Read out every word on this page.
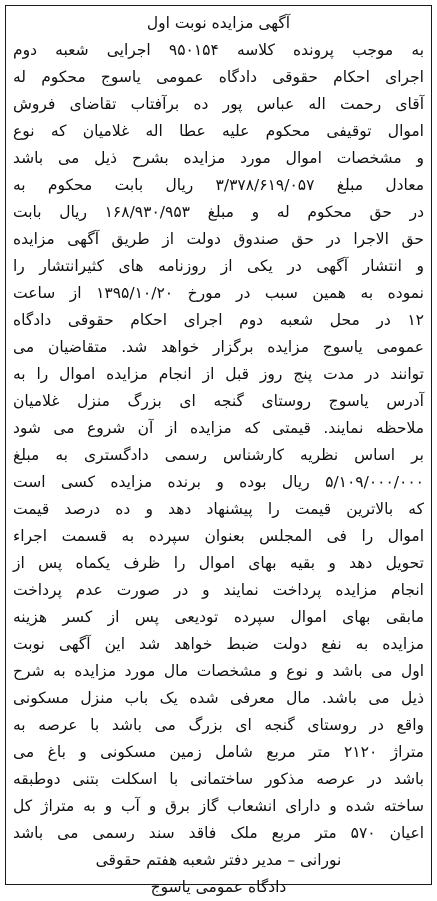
آگهی مزایده نوبت اول

به موجب پرونده کلاسه ۹۵۰۱۵۴ اجرایی شعبه دوم
اجرای احکام حقوقی دادگاه عمومی یاسوج محکوم له
آقای رحمت اله عباس پور ده برآفتاب تقاضای فروش
اموال توقیفی محکوم علیه عطا اله غلامیان که نوع
و مشخصات اموال مورد مزایده بشرح ذیل می باشد
معادل مبلغ ۳/۳۷۸/۶۱۹/۰۵۷ ریال بابت محکوم به
در حق محکوم له و مبلغ ۱۶۸/۹۳۰/۹۵۳ ریال بابت
حق الاجرا در حق صندوق دولت از طریق آگهی مزایده
و انتشار آگهی در یکی از روزنامه های کثیرانتشار را
نموده به همین سبب در مورخ ۱۳۹۵/۱۰/۲۰ از ساعت
۱۲ در محل شعبه دوم اجرای احکام حقوقی دادگاه
عمومی یاسوج مزایده برگزار خواهد شد. متقاضیان می
توانند در مدت پنج روز قبل از انجام مزایده اموال را به
آدرس یاسوج روستای گنجه ای بزرگ منزل غلامیان
ملاحظه نمایند. قیمتی که مزایده از آن شروع می شود
بر اساس نظریه کارشناس رسمی دادگستری به مبلغ
۵/۱۰۹/۰۰۰/۰۰۰ ریال بوده و برنده مزایده کسی است
که بالاترین قیمت را پیشنهاد دهد و ده درصد قیمت
اموال را فی المجلس بعنوان سپرده به قسمت اجراء
تحویل دهد و بقیه بهای اموال را ظرف یکماه پس از
انجام مزایده پرداخت نمایند و در صورت عدم پرداخت
مابقی بهای اموال سپرده تودیعی پس از کسر هزینه
مزایده به نفع دولت ضبط خواهد شد این آگهی نوبت
اول می باشد و نوع و مشخصات مال مورد مزایده به شرح
ذیل می باشد. مال معرفی شده یک باب منزل مسکونی
واقع در روستای گنجه ای بزرگ می باشد با عرصه به
متراژ ۲۱۲۰ متر مربع شامل زمین مسکونی و باغ می
باشد در عرصه مذکور ساختمانی با اسکلت بتنی دوطبقه
ساخته شده و دارای انشعاب گاز برق و آب و به متراژ کل
اعیان ۵۷۰ متر مربع ملک فاقد سند رسمی می باشد
نورانی – مدیر دفتر شعبه هفتم حقوقی
دادگاه عمومی یاسوج
